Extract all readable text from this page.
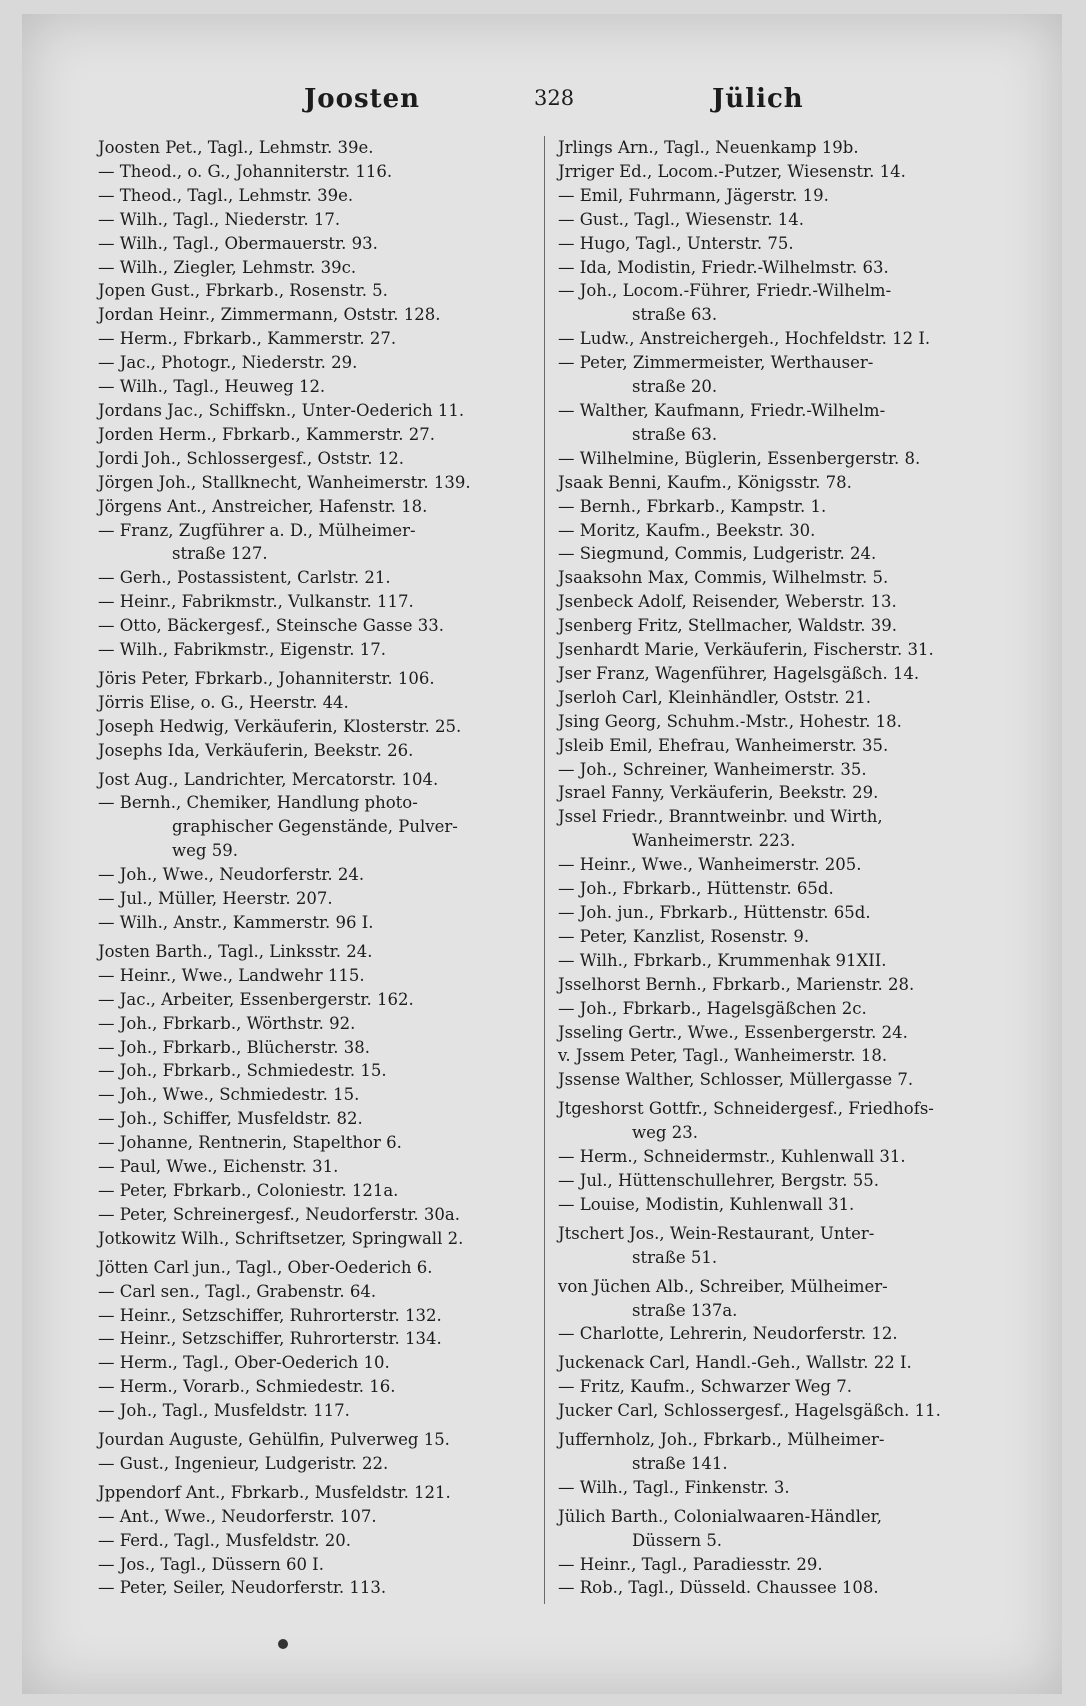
Joosten	328	Jülich
Joosten Pet., Tagl., Lehmstr. 39e.
— Theod., o. G., Johanniterstr. 116.
— Theod., Tagl., Lehmstr. 39e.
— Wilh., Tagl., Niederstr. 17.
— Wilh., Tagl., Obermauerstr. 93.
— Wilh., Ziegler, Lehmstr. 39c.
Jopen Gust., Fbrkarb., Rosenstr. 5.
Jordan Heinr., Zimmermann, Oststr. 128.
— Herm., Fbrkarb., Kammerstr. 27.
— Jac., Photogr., Niederstr. 29.
— Wilh., Tagl., Heuweg 12.
Jordans Jac., Schiffskn., Unter-Oederich 11.
Jorden Herm., Fbrkarb., Kammerstr. 27.
Jordi Joh., Schlossergesf., Oststr. 12.
Jörgen Joh., Stallknecht, Wanheimerstr. 139.
Jörgens Ant., Anstreicher, Hafenstr. 18.
— Franz, Zugführer a. D., Mülheimer-
straße 127.
— Gerh., Postassistent, Carlstr. 21.
— Heinr., Fabrikmstr., Vulkanstr. 117.
— Otto, Bäckergesf., Steinsche Gasse 33.
— Wilh., Fabrikmstr., Eigenstr. 17.
Jöris Peter, Fbrkarb., Johanniterstr. 106.
Jörris Elise, o. G., Heerstr. 44.
Joseph Hedwig, Verkäuferin, Klosterstr. 25.
Josephs Ida, Verkäuferin, Beekstr. 26.
Jost Aug., Landrichter, Mercatorstr. 104.
— Bernh., Chemiker, Handlung photo-
graphischer Gegenstände, Pulver-
weg 59.
— Joh., Wwe., Neudorferstr. 24.
— Jul., Müller, Heerstr. 207.
— Wilh., Anstr., Kammerstr. 96 I.
Josten Barth., Tagl., Linksstr. 24.
— Heinr., Wwe., Landwehr 115.
— Jac., Arbeiter, Essenbergerstr. 162.
— Joh., Fbrkarb., Wörthstr. 92.
— Joh., Fbrkarb., Blücherstr. 38.
— Joh., Fbrkarb., Schmiedestr. 15.
— Joh., Wwe., Schmiedestr. 15.
— Joh., Schiffer, Musfeldstr. 82.
— Johanne, Rentnerin, Stapelthor 6.
— Paul, Wwe., Eichenstr. 31.
— Peter, Fbrkarb., Coloniestr. 121a.
— Peter, Schreinergesf., Neudorferstr. 30a.
Jotkowitz Wilh., Schriftsetzer, Springwall 2.
Jötten Carl jun., Tagl., Ober-Oederich 6.
— Carl sen., Tagl., Grabenstr. 64.
— Heinr., Setzschiffer, Ruhrorterstr. 132.
— Heinr., Setzschiffer, Ruhrorterstr. 134.
— Herm., Tagl., Ober-Oederich 10.
— Herm., Vorarb., Schmiedestr. 16.
— Joh., Tagl., Musfeldstr. 117.
Jourdan Auguste, Gehülfin, Pulverweg 15.
— Gust., Ingenieur, Ludgeristr. 22.
Jppendorf Ant., Fbrkarb., Musfeldstr. 121.
— Ant., Wwe., Neudorferstr. 107.
— Ferd., Tagl., Musfeldstr. 20.
— Jos., Tagl., Düssern 60 I.
— Peter, Seiler, Neudorferstr. 113.
Jrlings Arn., Tagl., Neuenkamp 19b.
Jrriger Ed., Locom.-Putzer, Wiesenstr. 14.
— Emil, Fuhrmann, Jägerstr. 19.
— Gust., Tagl., Wiesenstr. 14.
— Hugo, Tagl., Unterstr. 75.
— Ida, Modistin, Friedr.-Wilhelmstr. 63.
— Joh., Locom.-Führer, Friedr.-Wilhelm-
straße 63.
— Ludw., Anstreichergeh., Hochfeldstr. 12 I.
— Peter, Zimmermeister, Werthauser-
straße 20.
— Walther, Kaufmann, Friedr.-Wilhelm-
straße 63.
— Wilhelmine, Büglerin, Essenbergerstr. 8.
Jsaak Benni, Kaufm., Königsstr. 78.
— Bernh., Fbrkarb., Kampstr. 1.
— Moritz, Kaufm., Beekstr. 30.
— Siegmund, Commis, Ludgeristr. 24.
Jsaaksohn Max, Commis, Wilhelmstr. 5.
Jsenbeck Adolf, Reisender, Weberstr. 13.
Jsenberg Fritz, Stellmacher, Waldstr. 39.
Jsenhardt Marie, Verkäuferin, Fischerstr. 31.
Jser Franz, Wagenführer, Hagelsgäßch. 14.
Jserloh Carl, Kleinhändler, Oststr. 21.
Jsing Georg, Schuhm.-Mstr., Hohestr. 18.
Jsleib Emil, Ehefrau, Wanheimerstr. 35.
— Joh., Schreiner, Wanheimerstr. 35.
Jsrael Fanny, Verkäuferin, Beekstr. 29.
Jssel Friedr., Branntweinbr. und Wirth,
Wanheimerstr. 223.
— Heinr., Wwe., Wanheimerstr. 205.
— Joh., Fbrkarb., Hüttenstr. 65d.
— Joh. jun., Fbrkarb., Hüttenstr. 65d.
— Peter, Kanzlist, Rosenstr. 9.
— Wilh., Fbrkarb., Krummenhak 91XII.
Jsselhorst Bernh., Fbrkarb., Marienstr. 28.
— Joh., Fbrkarb., Hagelsgäßchen 2c.
Jsseling Gertr., Wwe., Essenbergerstr. 24.
v. Jssem Peter, Tagl., Wanheimerstr. 18.
Jssense Walther, Schlosser, Müllergasse 7.
Jtgeshorst Gottfr., Schneidergesf., Friedhofs-
weg 23.
— Herm., Schneidermstr., Kuhlenwall 31.
— Jul., Hüttenschullehrer, Bergstr. 55.
— Louise, Modistin, Kuhlenwall 31.
Jtschert Jos., Wein-Restaurant, Unter-
straße 51.
von Jüchen Alb., Schreiber, Mülheimer-
straße 137a.
— Charlotte, Lehrerin, Neudorferstr. 12.
Juckenack Carl, Handl.-Geh., Wallstr. 22 I.
— Fritz, Kaufm., Schwarzer Weg 7.
Jucker Carl, Schlossergesf., Hagelsgäßch. 11.
Juffernholz, Joh., Fbrkarb., Mülheimer-
straße 141.
— Wilh., Tagl., Finkenstr. 3.
Jülich Barth., Colonialwaaren-Händler,
Düssern 5.
— Heinr., Tagl., Paradiesstr. 29.
— Rob., Tagl., Düsseld. Chaussee 108.
